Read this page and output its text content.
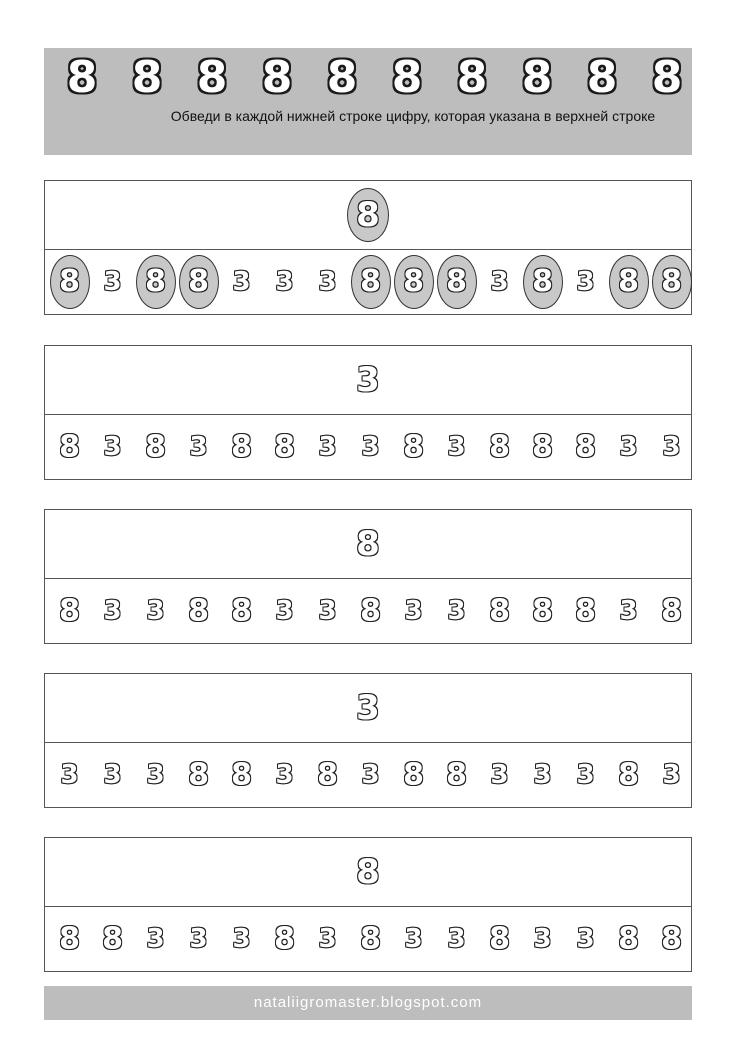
8 8 8 8 8 8 8 8 8 8
Обведи в каждой нижней строке цифру, которая указана в верхней строке
8
8 3 8 8 3 3 3 8 8 8 3 8 3 8 8
3
8 3 8 3 8 8 3 3 8 3 8 8 8 3 3
8
8 3 3 8 8 3 3 8 3 3 8 8 8 3 8
3
3 3 3 8 8 3 8 3 8 8 3 3 3 8 3
8
8 8 3 3 3 8 3 8 3 3 8 3 3 8 8
nataliigromaster.blogspot.com
